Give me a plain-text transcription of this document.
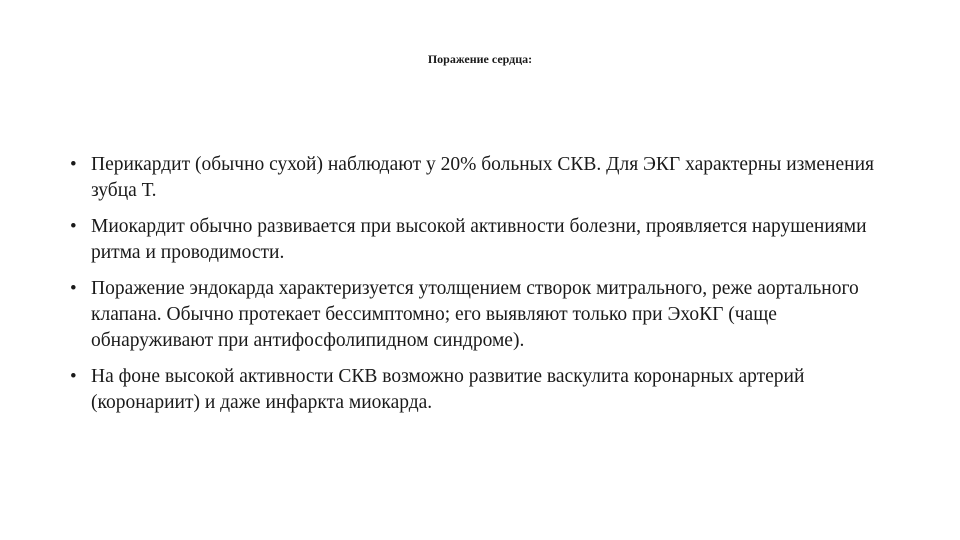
Поражение сердца:
• Перикардит (обычно сухой) наблюдают у 20% больных СКВ. Для ЭКГ характерны изменения зубца Т.
• Миокардит обычно развивается при высокой активности болезни, проявляется нарушениями ритма и проводимости.
• Поражение эндокарда характеризуется утолщением створок митрального, реже аортального клапана. Обычно протекает бессимптомно; его выявляют только при ЭхоКГ (чаще обнаруживают при антифосфолипидном синдроме).
• На фоне высокой активности СКВ возможно развитие васкулита коронарных артерий (коронариит) и даже инфаркта миокарда.
